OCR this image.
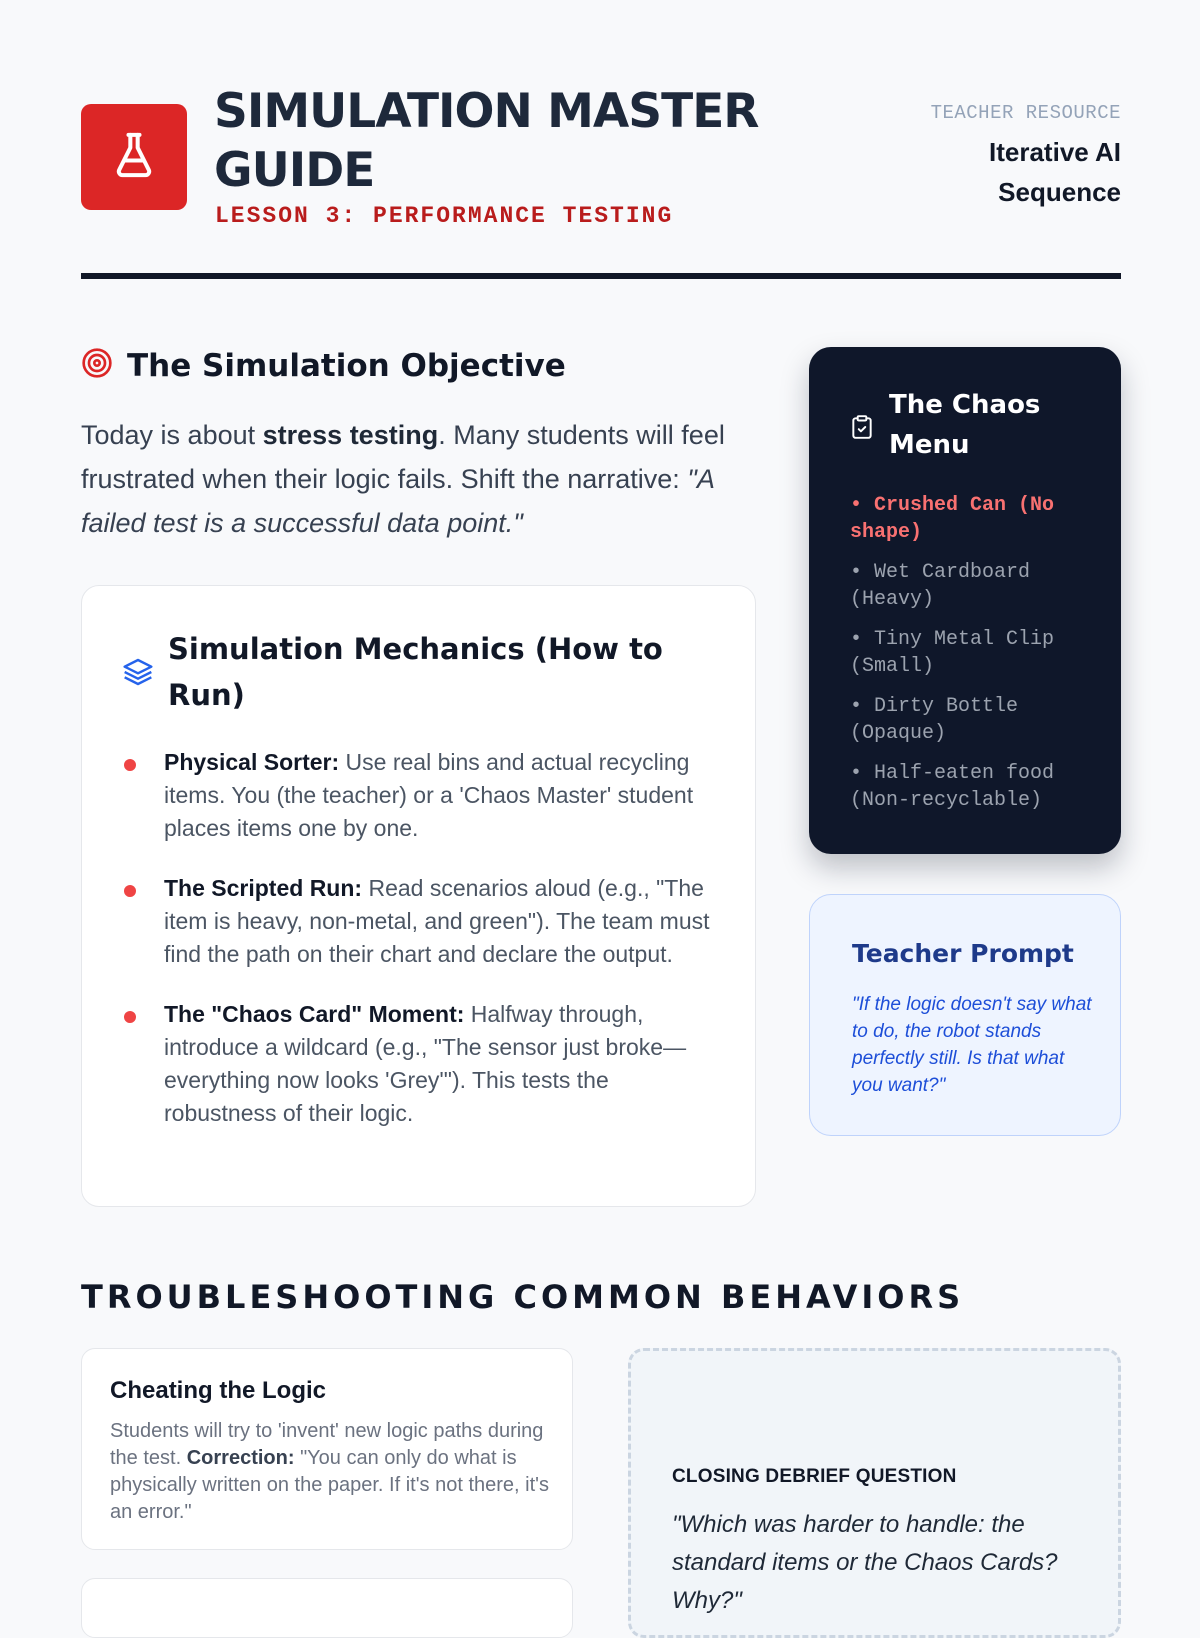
SIMULATION MASTER GUIDE
LESSON 3: PERFORMANCE TESTING
TEACHER RESOURCE
Iterative AI Sequence
The Simulation Objective

Today is about stress testing. Many students will feel frustrated when their logic fails. Shift the narrative: "A failed test is a successful data point."

Simulation Mechanics (How to Run)
Physical Sorter: Use real bins and actual recycling items. You (the teacher) or a 'Chaos Master' student places items one by one.
The Scripted Run: Read scenarios aloud (e.g., "The item is heavy, non-metal, and green"). The team must find the path on their chart and declare the output.
The "Chaos Card" Moment: Halfway through, introduce a wildcard (e.g., "The sensor just broke—everything now looks 'Grey'"). This tests the robustness of their logic.
The Chaos Menu
• Crushed Can (No shape)
• Wet Cardboard (Heavy)
• Tiny Metal Clip (Small)
• Dirty Bottle (Opaque)
• Half-eaten food (Non-recyclable)
Teacher Prompt

"If the logic doesn't say what to do, the robot stands perfectly still. Is that what you want?"

TROUBLESHOOTING COMMON BEHAVIORS
Cheating the Logic

Students will try to 'invent' new logic paths during the test. Correction: "You can only do what is physically written on the paper. If it's not there, it's an error."

CLOSING DEBRIEF QUESTION

"Which was harder to handle: the standard items or the Chaos Cards? Why?"
